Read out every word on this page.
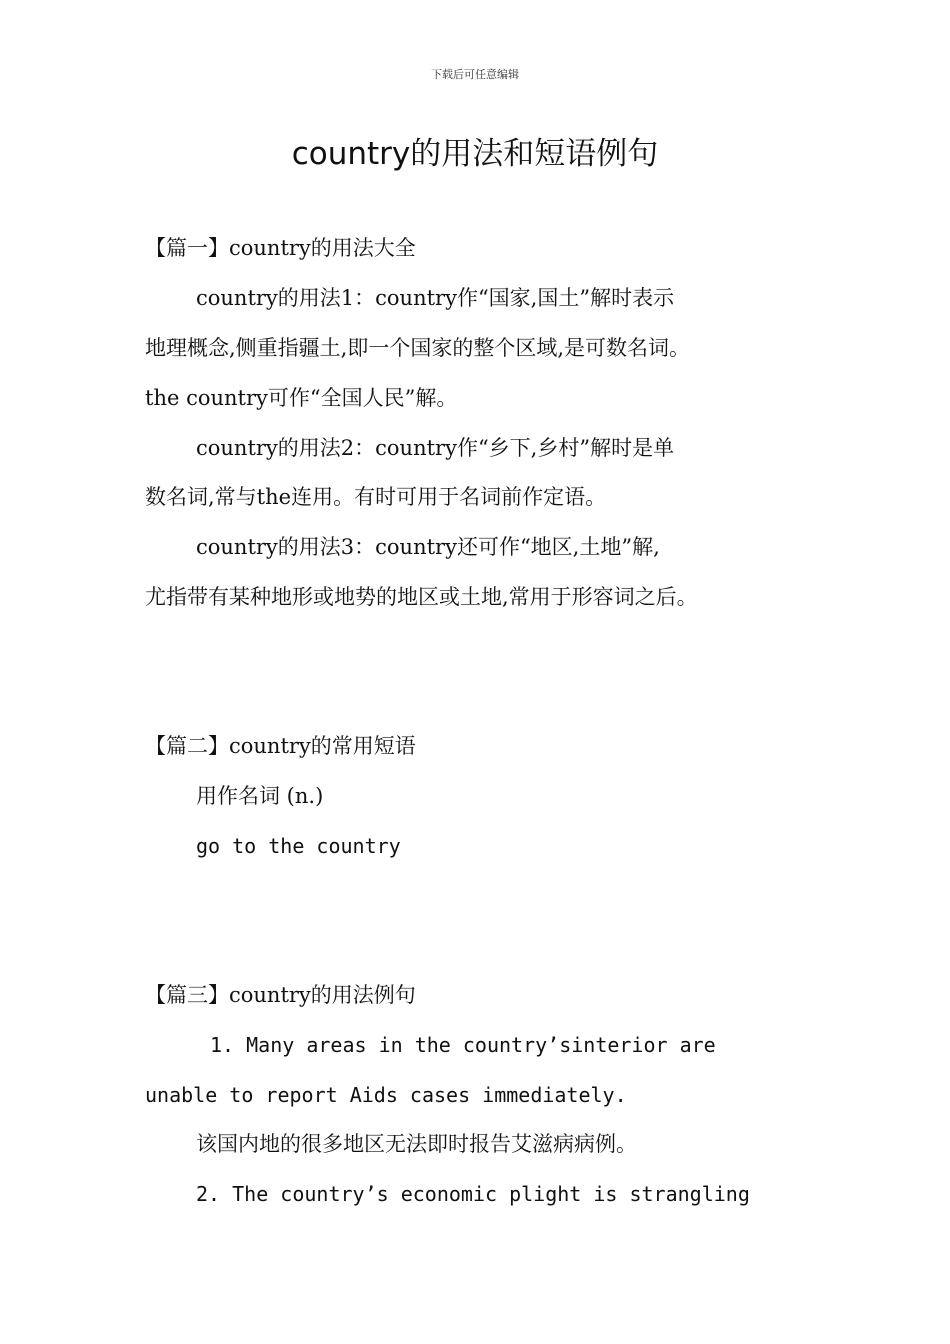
下载后可任意编辑
country的用法和短语例句
【篇一】country的用法大全
country的用法1：country作“国家,国土”解时表示
地理概念,侧重指疆土,即一个国家的整个区域,是可数名词。
the country可作“全国人民”解。
country的用法2：country作“乡下,乡村”解时是单
数名词,常与the连用。有时可用于名词前作定语。
country的用法3：country还可作“地区,土地”解,
尤指带有某种地形或地势的地区或土地,常用于形容词之后。
【篇二】country的常用短语
用作名词 (n.)
go to the country
【篇三】country的用法例句
1. Many areas in the country’sinterior are
unable to report Aids cases immediately.
该国内地的很多地区无法即时报告艾滋病病例。
2. The country’s economic plight is strangling
